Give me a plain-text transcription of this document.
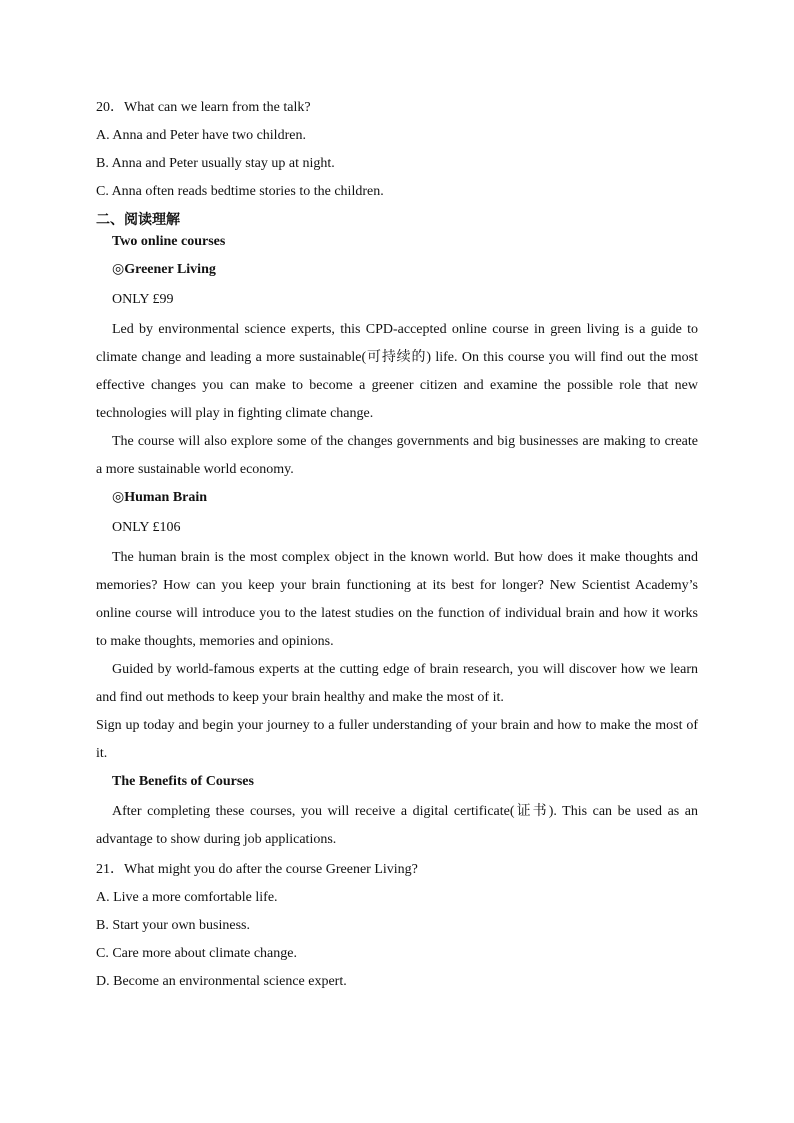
20．What can we learn from the talk?
A. Anna and Peter have two children.
B. Anna and Peter usually stay up at night.
C. Anna often reads bedtime stories to the children.
二、阅读理解
Two online courses
◎Greener Living
ONLY £99
Led by environmental science experts, this CPD-accepted online course in green living is a guide to climate change and leading a more sustainable(可持续的) life. On this course you will find out the most effective changes you can make to become a greener citizen and examine the possible role that new technologies will play in fighting climate change.
The course will also explore some of the changes governments and big businesses are making to create a more sustainable world economy.
◎Human Brain
ONLY £106
The human brain is the most complex object in the known world. But how does it make thoughts and memories? How can you keep your brain functioning at its best for longer? New Scientist Academy’s online course will introduce you to the latest studies on the function of individual brain and how it works to make thoughts, memories and opinions.
Guided by world-famous experts at the cutting edge of brain research, you will discover how we learn and find out methods to keep your brain healthy and make the most of it.
Sign up today and begin your journey to a fuller understanding of your brain and how to make the most of it.
The Benefits of Courses
After completing these courses, you will receive a digital certificate(证书). This can be used as an advantage to show during job applications.
21．What might you do after the course Greener Living?
A. Live a more comfortable life.
B. Start your own business.
C. Care more about climate change.
D. Become an environmental science expert.
